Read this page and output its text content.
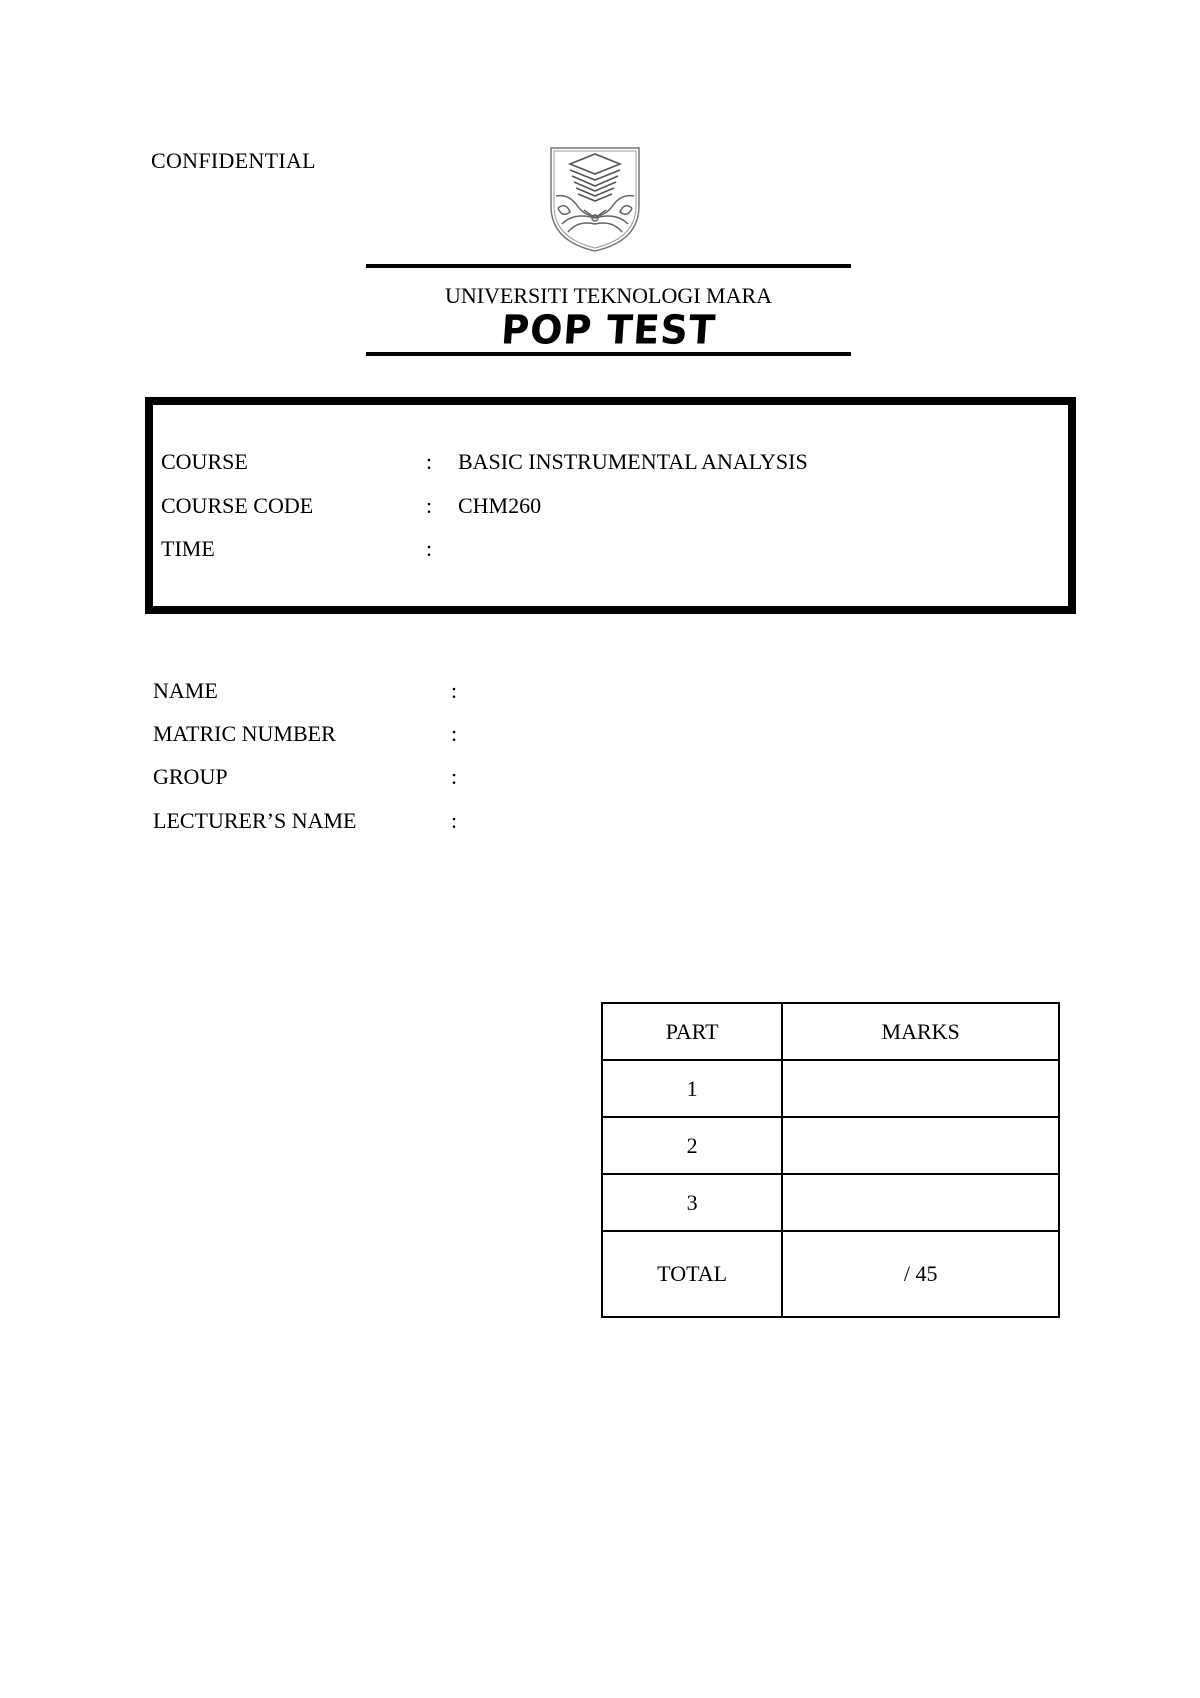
CONFIDENTIAL
UNIVERSITI TEKNOLOGI MARA
POP TEST
COURSE	: BASIC INSTRUMENTAL ANALYSIS
COURSE CODE	: CHM260
TIME	:
NAME	:
MATRIC NUMBER	:
GROUP	:
LECTURER’S NAME	:
PART	MARKS
1	
2	
3	
TOTAL	/ 45
